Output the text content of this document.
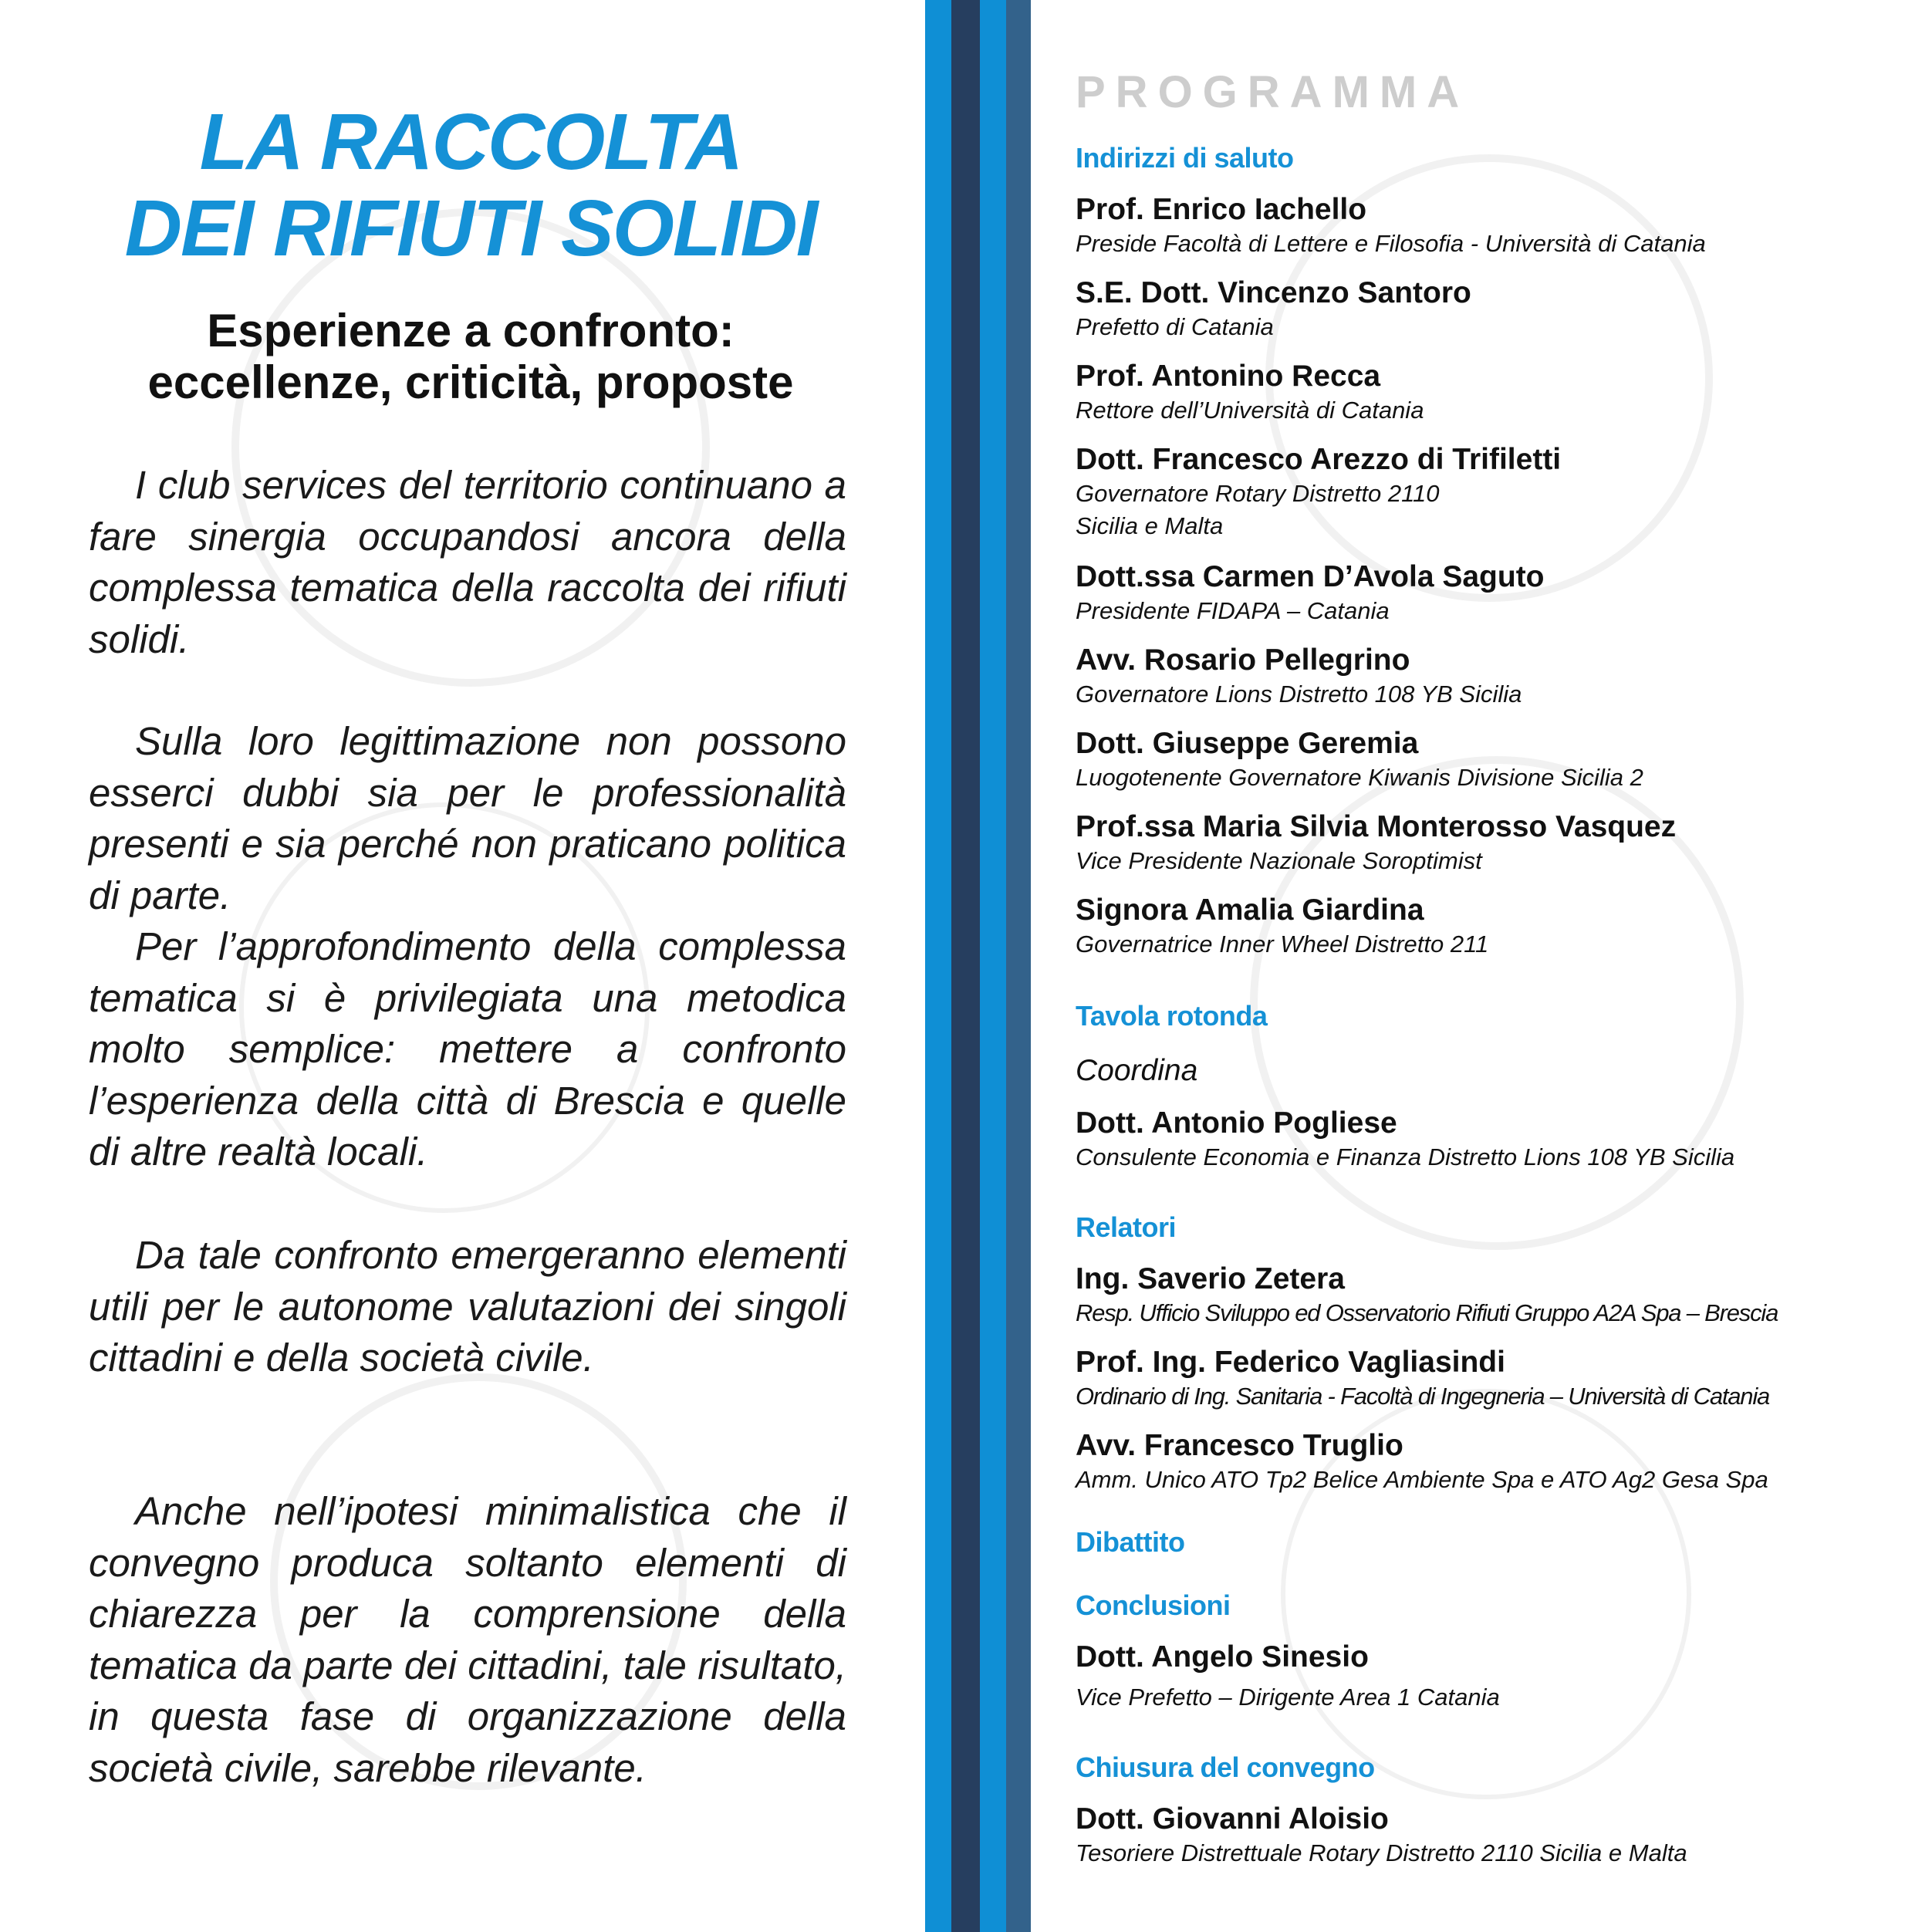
LA RACCOLTA
DEI RIFIUTI SOLIDI
Esperienze a confronto:
eccellenze, criticità, proposte

I club services del territorio continuano a fare sinergia occupandosi ancora della complessa tematica della raccolta dei rifiuti solidi.

Sulla loro legittimazione non possono esserci dubbi sia per le professionalità presenti e sia perché non praticano politica di parte.

Per l’approfondimento della complessa tematica si è privilegiata una metodica molto semplice: mettere a confronto l’esperienza della città di Brescia e quelle di altre realtà locali.

Da tale confronto emergeranno elementi utili per le autonome valutazioni dei singoli cittadini e della società civile.

Anche nell’ipotesi minimalistica che il convegno produca soltanto elementi di chiarezza per la comprensione della tematica da parte dei cittadini, tale risultato, in questa fase di organizzazione della società civile, sarebbe rilevante.

PROGRAMMA
Indirizzi di saluto
Prof. Enrico Iachello
Preside Facoltà di Lettere e Filosofia - Università di Catania
S.E. Dott. Vincenzo Santoro
Prefetto di Catania
Prof. Antonino Recca
Rettore dell’Università di Catania
Dott. Francesco Arezzo di Trifiletti
Governatore Rotary Distretto 2110
Sicilia e Malta
Dott.ssa Carmen D’Avola Saguto
Presidente FIDAPA – Catania
Avv. Rosario Pellegrino
Governatore Lions Distretto 108 YB Sicilia
Dott. Giuseppe Geremia
Luogotenente Governatore Kiwanis Divisione Sicilia 2
Prof.ssa Maria Silvia Monterosso Vasquez
Vice Presidente Nazionale Soroptimist
Signora Amalia Giardina
Governatrice Inner Wheel Distretto 211
Tavola rotonda
Coordina
Dott. Antonio Pogliese
Consulente Economia e Finanza Distretto Lions 108 YB Sicilia
Relatori
Ing. Saverio Zetera
Resp. Ufficio Sviluppo ed Osservatorio Rifiuti Gruppo A2A Spa – Brescia
Prof. Ing. Federico Vagliasindi
Ordinario di Ing. Sanitaria - Facoltà di Ingegneria – Università di Catania
Avv. Francesco Truglio
Amm. Unico ATO Tp2 Belice Ambiente Spa e ATO Ag2 Gesa Spa
Dibattito
Conclusioni
Dott. Angelo Sinesio
Vice Prefetto – Dirigente Area 1 Catania
Chiusura del convegno
Dott. Giovanni Aloisio
Tesoriere Distrettuale Rotary Distretto 2110 Sicilia e Malta
